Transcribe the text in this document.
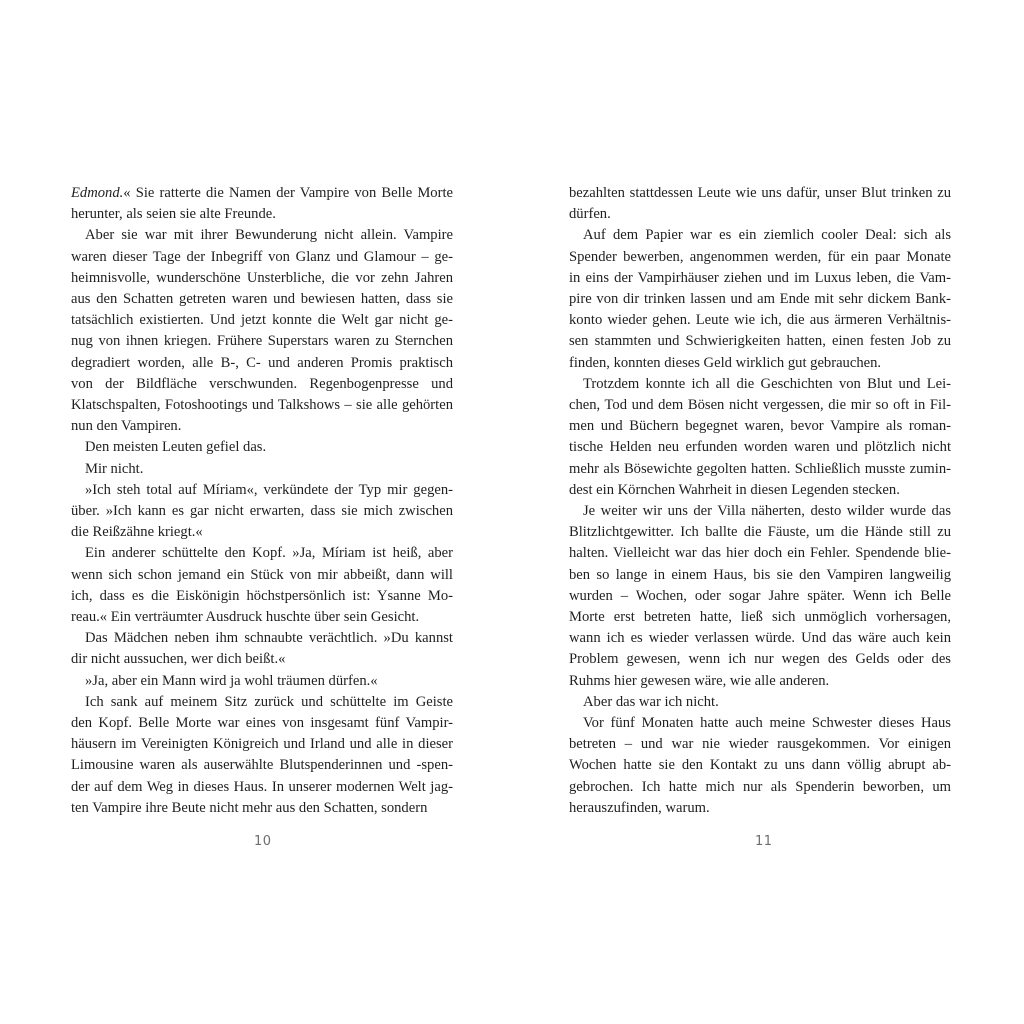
Edmond.« Sie ratterte die Namen der Vampire von Belle Morte
herunter, als seien sie alte Freunde.
Aber sie war mit ihrer Bewunderung nicht allein. Vampire
waren dieser Tage der Inbegriff von Glanz und Glamour – ge-
heimnisvolle, wunderschöne Unsterbliche, die vor zehn Jahren
aus den Schatten getreten waren und bewiesen hatten, dass sie
tatsächlich existierten. Und jetzt konnte die Welt gar nicht ge-
nug von ihnen kriegen. Frühere Superstars waren zu Sternchen
degradiert worden, alle B-, C- und anderen Promis praktisch
von der Bildfläche verschwunden. Regenbogenpresse und
Klatschspalten, Fotoshootings und Talkshows – sie alle gehörten
nun den Vampiren.
Den meisten Leuten gefiel das.
Mir nicht.
»Ich steh total auf Míriam«, verkündete der Typ mir gegen-
über. »Ich kann es gar nicht erwarten, dass sie mich zwischen
die Reißzähne kriegt.«
Ein anderer schüttelte den Kopf. »Ja, Míriam ist heiß, aber
wenn sich schon jemand ein Stück von mir abbeißt, dann will
ich, dass es die Eiskönigin höchstpersönlich ist: Ysanne Mo-
reau.« Ein verträumter Ausdruck huschte über sein Gesicht.
Das Mädchen neben ihm schnaubte verächtlich. »Du kannst
dir nicht aussuchen, wer dich beißt.«
»Ja, aber ein Mann wird ja wohl träumen dürfen.«
Ich sank auf meinem Sitz zurück und schüttelte im Geiste
den Kopf. Belle Morte war eines von insgesamt fünf Vampir-
häusern im Vereinigten Königreich und Irland und alle in dieser
Limousine waren als auserwählte Blutspenderinnen und -spen-
der auf dem Weg in dieses Haus. In unserer modernen Welt jag-
ten Vampire ihre Beute nicht mehr aus den Schatten, sondern
10
bezahlten stattdessen Leute wie uns dafür, unser Blut trinken zu
dürfen.
Auf dem Papier war es ein ziemlich cooler Deal: sich als
Spender bewerben, angenommen werden, für ein paar Monate
in eins der Vampirhäuser ziehen und im Luxus leben, die Vam-
pire von dir trinken lassen und am Ende mit sehr dickem Bank-
konto wieder gehen. Leute wie ich, die aus ärmeren Verhältnis-
sen stammten und Schwierigkeiten hatten, einen festen Job zu
finden, konnten dieses Geld wirklich gut gebrauchen.
Trotzdem konnte ich all die Geschichten von Blut und Lei-
chen, Tod und dem Bösen nicht vergessen, die mir so oft in Fil-
men und Büchern begegnet waren, bevor Vampire als roman-
tische Helden neu erfunden worden waren und plötzlich nicht
mehr als Bösewichte gegolten hatten. Schließlich musste zumin-
dest ein Körnchen Wahrheit in diesen Legenden stecken.
Je weiter wir uns der Villa näherten, desto wilder wurde das
Blitzlichtgewitter. Ich ballte die Fäuste, um die Hände still zu
halten. Vielleicht war das hier doch ein Fehler. Spendende blie-
ben so lange in einem Haus, bis sie den Vampiren langweilig
wurden – Wochen, oder sogar Jahre später. Wenn ich Belle
Morte erst betreten hatte, ließ sich unmöglich vorhersagen,
wann ich es wieder verlassen würde. Und das wäre auch kein
Problem gewesen, wenn ich nur wegen des Gelds oder des
Ruhms hier gewesen wäre, wie alle anderen.
Aber das war ich nicht.
Vor fünf Monaten hatte auch meine Schwester dieses Haus
betreten – und war nie wieder rausgekommen. Vor einigen
Wochen hatte sie den Kontakt zu uns dann völlig abrupt ab-
gebrochen. Ich hatte mich nur als Spenderin beworben, um
herauszufinden, warum.
11
